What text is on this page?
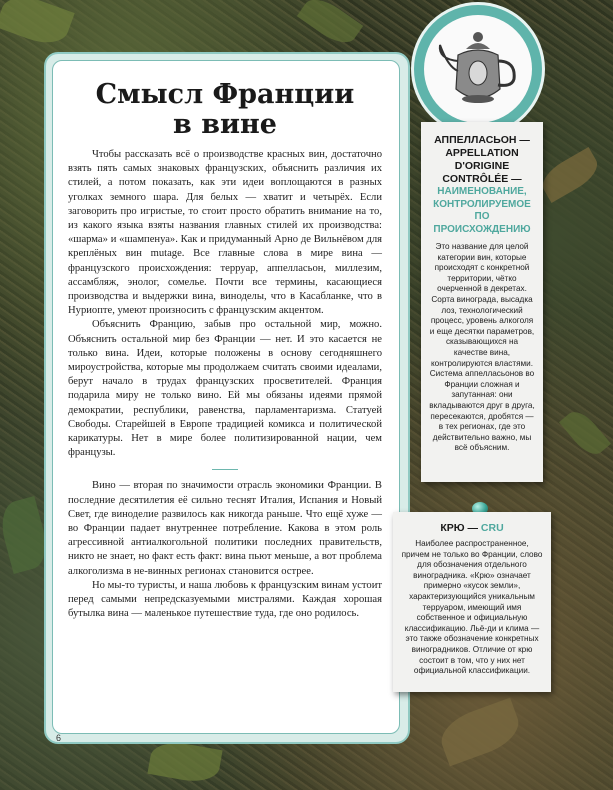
Смысл Франции
в вине

Чтобы рассказать всё о производстве красных вин, достаточно взять пять самых знаковых французских, объяснить различия их стилей, а потом показать, как эти идеи воплощаются в разных уголках земного шара. Для белых — хватит и четырёх. Если заговорить про игристые, то стоит просто обратить внимание на то, из какого языка взяты названия главных стилей их производства: «шарма» и «шампенуа». Как и придуманный Арно де Вильнёвом для креплёных вин mutage. Все главные слова в мире вина — французского происхождения: терруар, аппелласьон, миллезим, ассамбляж, энолог, сомелье. Почти все термины, касающиеся производства и выдержки вина, виноделы, что в Касабланке, что в Нуриопте, умеют произносить с французским акцентом.

Объяснить Францию, забыв про остальной мир, можно. Объяснить остальной мир без Франции — нет. И это касается не только вина. Идеи, которые положены в основу сегодняшнего мироустройства, которые мы продолжаем считать своими идеалами, берут начало в трудах французских просветителей. Франция подарила миру не только вино. Ей мы обязаны идеями прямой демократии, республики, равенства, парламентаризма. Статуей Свободы. Старейшей в Европе традицией комикса и политической карикатуры. Нет в мире более политизированной нации, чем французы.

Вино — вторая по значимости отрасль экономики Франции. В последние десятилетия её сильно теснят Италия, Испания и Новый Свет, где виноделие развилось как никогда раньше. Что ещё хуже — во Франции падает внутреннее потребление. Какова в этом роль агрессивной антиалкогольной политики последних правительств, никто не знает, но факт есть факт: вина пьют меньше, а вот проблема алкоголизма в не-винных регионах становится острее.

Но мы-то туристы, и наша любовь к французским винам устоит перед самыми непредсказуемыми мистралями. Каждая хорошая бутылка вина — маленькое путешествие туда, где оно родилось.

6
АППЕЛЛАСЬОН —
APPELLATION
D'ORIGINE
CONTRÔLÉE —
НАИМЕНОВАНИЕ, КОНТРОЛИРУЕМОЕ ПО ПРОИСХОЖДЕНИЮ
Это название для целой категории вин, которые происходят с конкретной территории, чётко очерченной в декретах. Сорта винограда, высадка лоз, технологический процесс, уровень алкоголя и еще десятки параметров, сказывающихся на качестве вина, контролируются властями. Система аппелласьонов во Франции сложная и запутанная: они вкладываются друг в друга, пересекаются, дробятся — в тех регионах, где это действительно важно, мы всё объясним.
КРЮ — CRU
Наиболее распространенное, причем не только во Франции, слово для обозначения отдельного виноградника. «Крю» означает примерно «кусок земли», характеризующийся уникальным терруаром, имеющий имя собственное и официальную классификацию. Льё-ди и клима — это также обозначение конкретных виноградников. Отличие от крю состоит в том, что у них нет официальной классификации.
